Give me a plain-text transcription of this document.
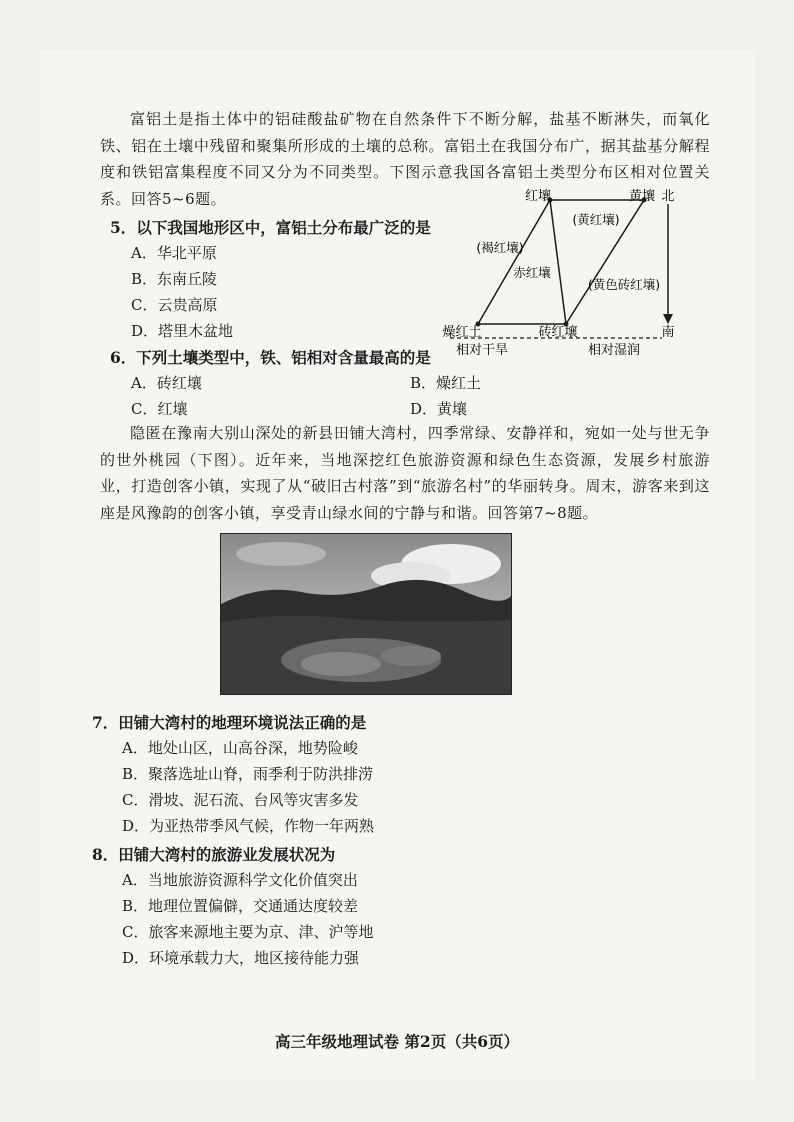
富铝土是指土体中的铝硅酸盐矿物在自然条件下不断分解，盐基不断淋失，而氧化铁、铝在土壤中残留和聚集所形成的土壤的总称。富铝土在我国分布广，据其盐基分解程度和铁铝富集程度不同又分为不同类型。下图示意我国各富铝土类型分布区相对位置关系。回答5~6题。	红壤	黄壤 北
南
(黄红壤)
(褐红壤)
赤红壤
(黄色砖红壤)
燥红土	砖红壤
相对干旱	相对湿润
5．以下我国地形区中，富铝土分布最广泛的是
A．华北平原
B．东南丘陵
C．云贵高原
D．塔里木盆地
6．下列土壤类型中，铁、铝相对含量最高的是
A．砖红壤	B．燥红土
C．红壤	D．黄壤
隐匿在豫南大别山深处的新县田铺大湾村，四季常绿、安静祥和，宛如一处与世无争的世外桃园（下图）。近年来，当地深挖红色旅游资源和绿色生态资源，发展乡村旅游业，打造创客小镇，实现了从“破旧古村落”到“旅游名村”的华丽转身。周末，游客来到这座是风豫韵的创客小镇，享受青山绿水间的宁静与和谐。回答第7~8题。
7．田铺大湾村的地理环境说法正确的是
A．地处山区，山高谷深，地势险峻
B．聚落选址山脊，雨季利于防洪排涝
C．滑坡、泥石流、台风等灾害多发
D．为亚热带季风气候，作物一年两熟
8．田铺大湾村的旅游业发展状况为
A．当地旅游资源科学文化价值突出
B．地理位置偏僻，交通通达度较差
C．旅客来源地主要为京、津、沪等地
D．环境承载力大，地区接待能力强
高三年级地理试卷 第2页（共6页）
